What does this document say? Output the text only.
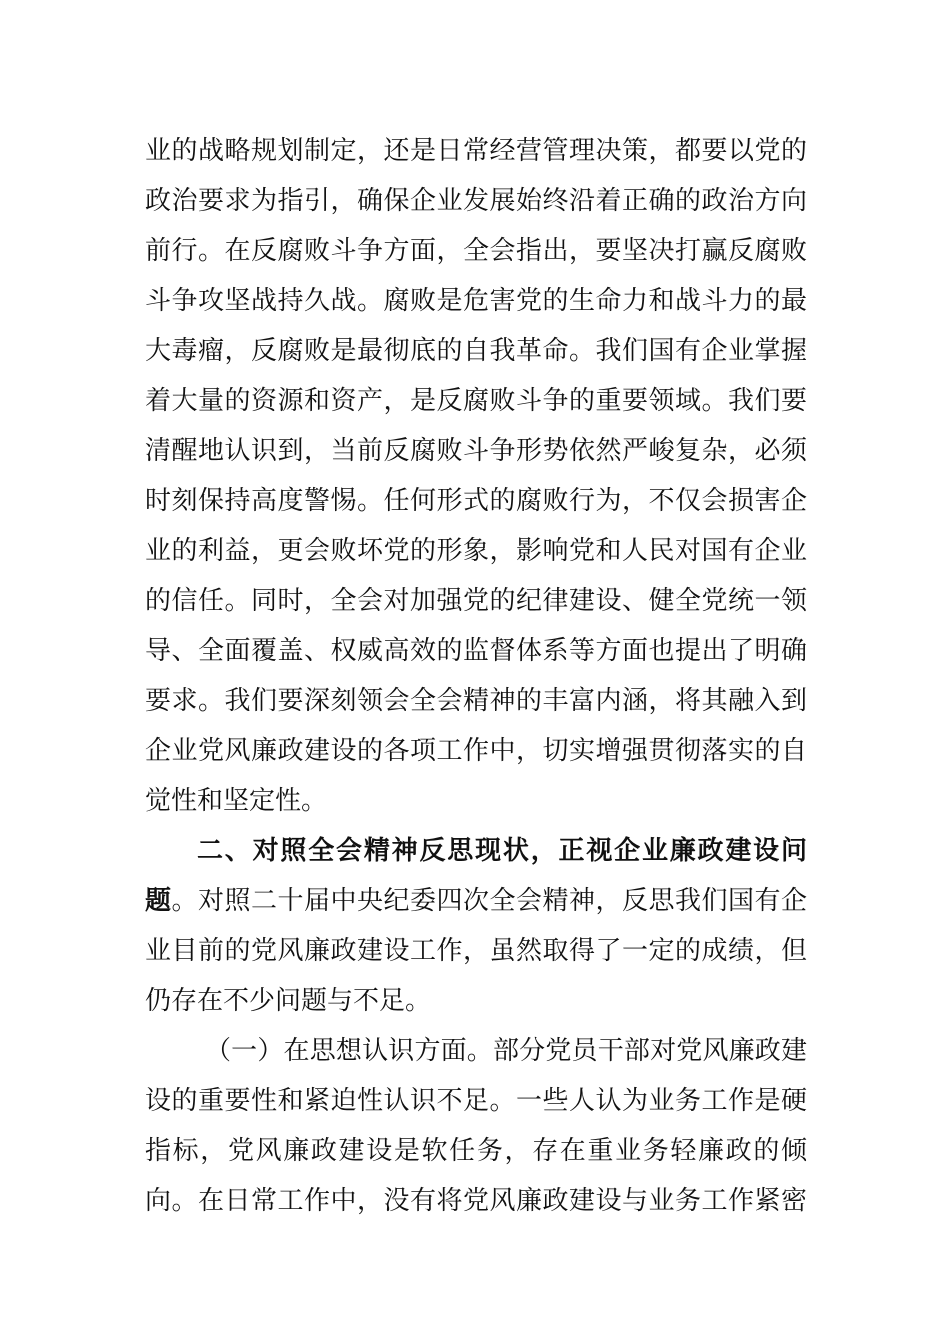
业的战略规划制定，还是日常经营管理决策，都要以党的
政治要求为指引，确保企业发展始终沿着正确的政治方向
前行。在反腐败斗争方面，全会指出，要坚决打赢反腐败
斗争攻坚战持久战。腐败是危害党的生命力和战斗力的最
大毒瘤，反腐败是最彻底的自我革命。我们国有企业掌握
着大量的资源和资产，是反腐败斗争的重要领域。我们要
清醒地认识到，当前反腐败斗争形势依然严峻复杂，必须
时刻保持高度警惕。任何形式的腐败行为，不仅会损害企
业的利益，更会败坏党的形象，影响党和人民对国有企业
的信任。同时，全会对加强党的纪律建设、健全党统一领
导、全面覆盖、权威高效的监督体系等方面也提出了明确
要求。我们要深刻领会全会精神的丰富内涵，将其融入到
企业党风廉政建设的各项工作中，切实增强贯彻落实的自
觉性和坚定性。
二、对照全会精神反思现状，正视企业廉政建设问
题。对照二十届中央纪委四次全会精神，反思我们国有企
业目前的党风廉政建设工作，虽然取得了一定的成绩，但
仍存在不少问题与不足。
（一）在思想认识方面。部分党员干部对党风廉政建
设的重要性和紧迫性认识不足。一些人认为业务工作是硬
指标，党风廉政建设是软任务，存在重业务轻廉政的倾
向。在日常工作中，没有将党风廉政建设与业务工作紧密
